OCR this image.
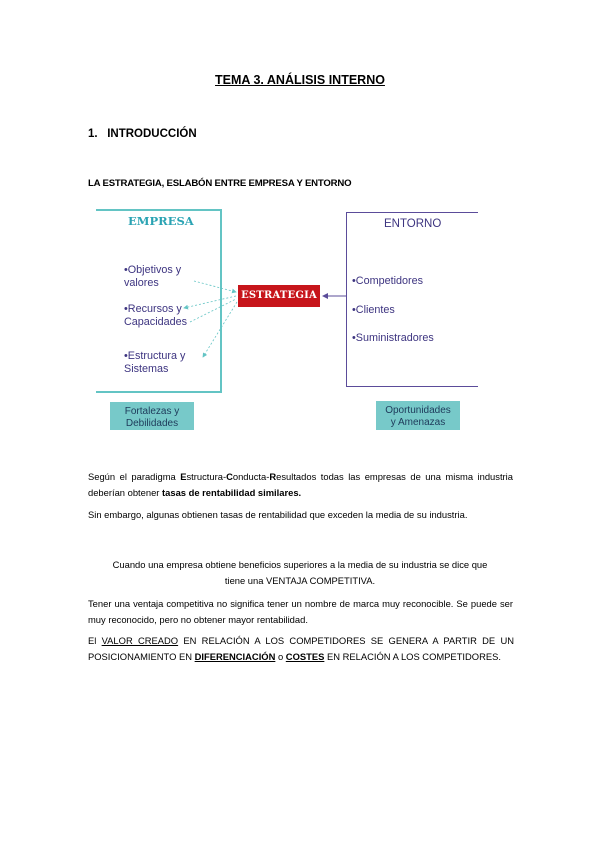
TEMA 3. ANÁLISIS INTERNO
1. INTRODUCCIÓN
LA ESTRATEGIA, ESLABÓN ENTRE EMPRESA Y ENTORNO
EMPRESA	ENTORNO
•Objetivos y
valores
•Recursos y
Capacidades
•Estructura y
Sistemas
•Competidores
•Clientes
•Suministradores
ESTRATEGIA
Fortalezas y
Debilidades
Oportunidades
y Amenazas
Según el paradigma Estructura-Conducta-Resultados todas las empresas de una misma industria deberían obtener tasas de rentabilidad similares.
Sin embargo, algunas obtienen tasas de rentabilidad que exceden la media de su industria.
Cuando una empresa obtiene beneficios superiores a la media de su industria se dice que
tiene una VENTAJA COMPETITIVA.
Tener una ventaja competitiva no significa tener un nombre de marca muy reconocible. Se puede ser muy reconocido, pero no obtener mayor rentabilidad.
El VALOR CREADO EN RELACIÓN A LOS COMPETIDORES SE GENERA A PARTIR DE UN POSICIONAMIENTO EN DIFERENCIACIÓN o COSTES EN RELACIÓN A LOS COMPETIDORES.
